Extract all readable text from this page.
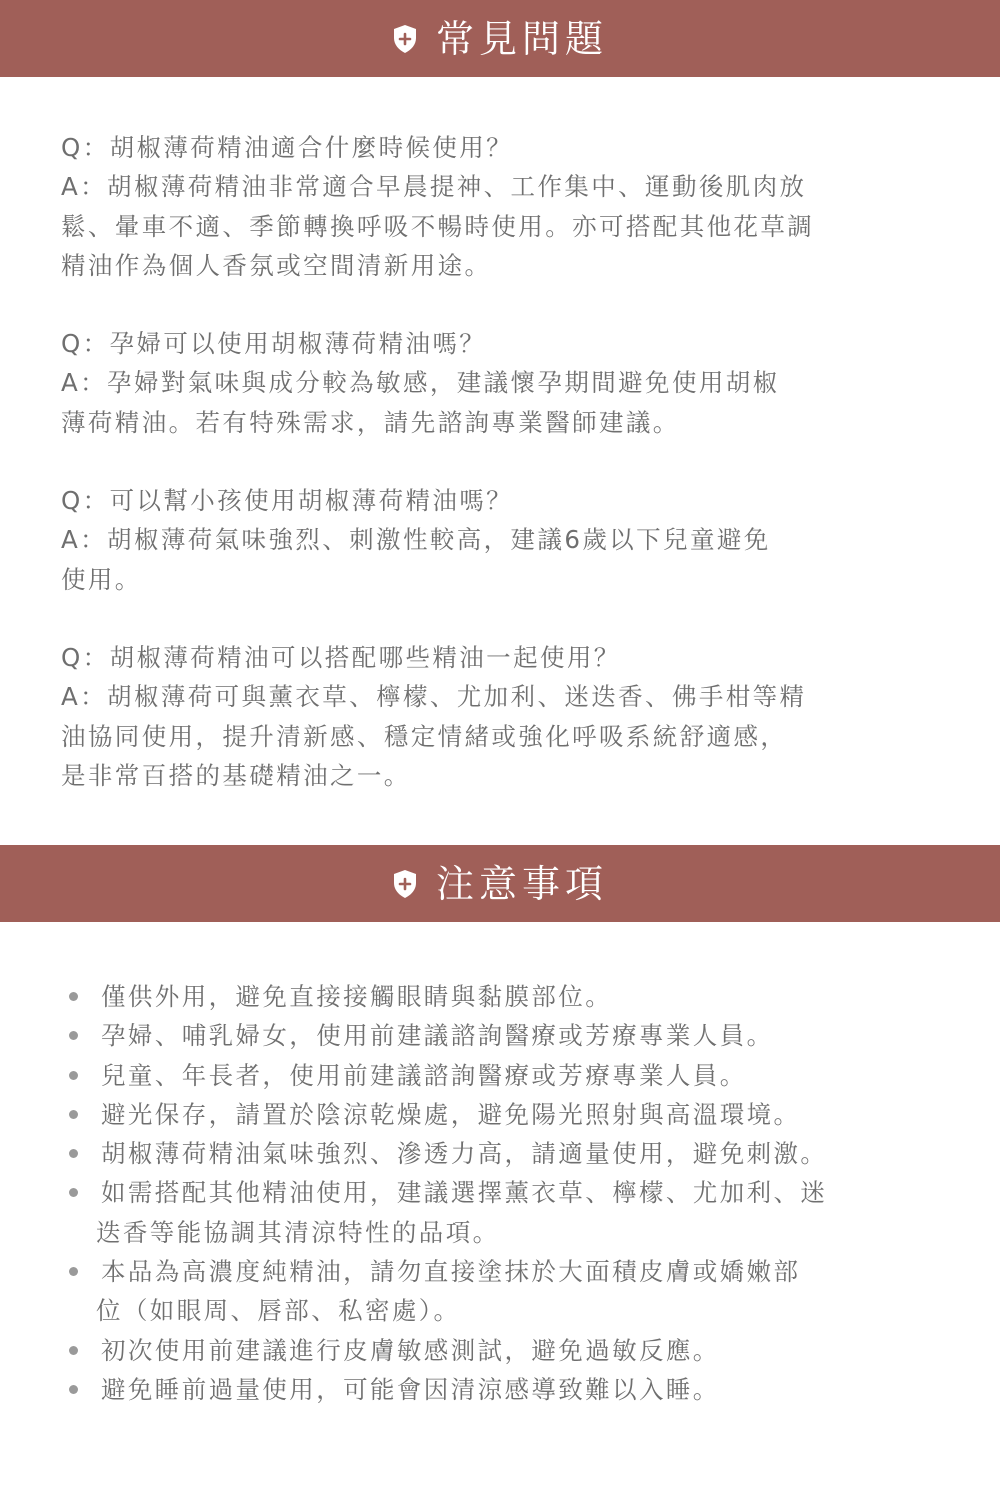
常見問題

Q：胡椒薄荷精油適合什麼時候使用？

A：胡椒薄荷精油非常適合早晨提神、工作集中、運動後肌肉放

鬆、暈車不適、季節轉換呼吸不暢時使用。亦可搭配其他花草調

精油作為個人香氛或空間清新用途。

Q：孕婦可以使用胡椒薄荷精油嗎？

A：孕婦對氣味與成分較為敏感，建議懷孕期間避免使用胡椒

薄荷精油。若有特殊需求，請先諮詢專業醫師建議。

Q：可以幫小孩使用胡椒薄荷精油嗎？

A：胡椒薄荷氣味強烈、刺激性較高，建議6歲以下兒童避免

使用。

Q：胡椒薄荷精油可以搭配哪些精油一起使用？

A：胡椒薄荷可與薰衣草、檸檬、尤加利、迷迭香、佛手柑等精

油協同使用，提升清新感、穩定情緒或強化呼吸系統舒適感，

是非常百搭的基礎精油之一。

注意事項
僅供外用，避免直接接觸眼睛與黏膜部位。
孕婦、哺乳婦女，使用前建議諮詢醫療或芳療專業人員。
兒童、年長者，使用前建議諮詢醫療或芳療專業人員。
避光保存，請置於陰涼乾燥處，避免陽光照射與高溫環境。
胡椒薄荷精油氣味強烈、滲透力高，請適量使用，避免刺激。
如需搭配其他精油使用，建議選擇薰衣草、檸檬、尤加利、迷
迭香等能協調其清涼特性的品項。
本品為高濃度純精油，請勿直接塗抹於大面積皮膚或嬌嫩部
位（如眼周、唇部、私密處）。
初次使用前建議進行皮膚敏感測試，避免過敏反應。
避免睡前過量使用，可能會因清涼感導致難以入睡。
